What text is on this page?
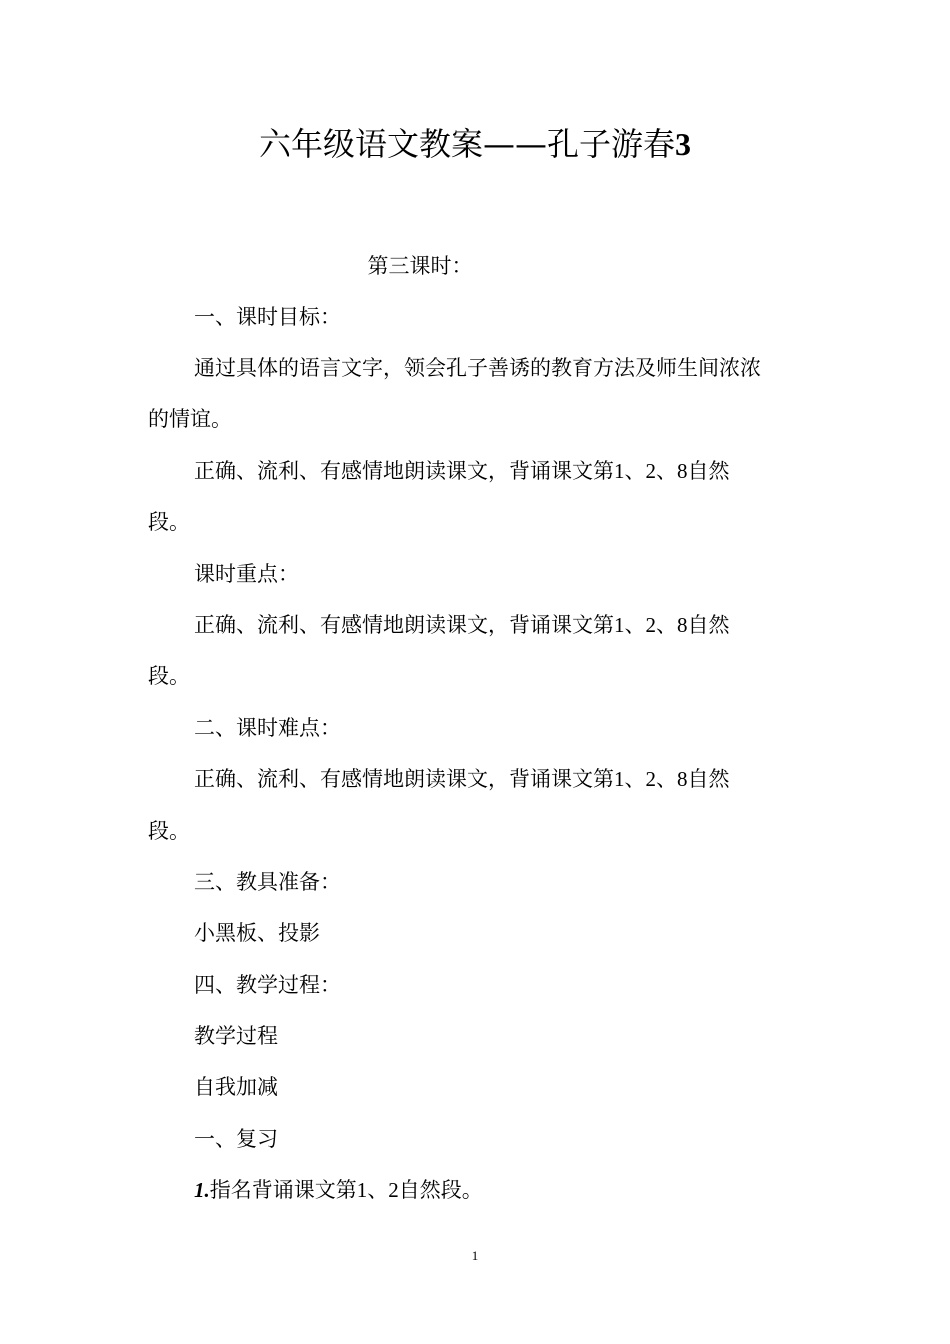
六年级语文教案——孔子游春3
第三课时：
一、课时目标：
通过具体的语言文字，领会孔子善诱的教育方法及师生间浓浓
的情谊。
正确、流利、有感情地朗读课文，背诵课文第1、2、8自然
段。
课时重点：
正确、流利、有感情地朗读课文，背诵课文第1、2、8自然
段。
二、课时难点：
正确、流利、有感情地朗读课文，背诵课文第1、2、8自然
段。
三、教具准备：
小黑板、投影
四、教学过程：
教学过程
自我加减
一、复习
1.指名背诵课文第1、2自然段。
1
